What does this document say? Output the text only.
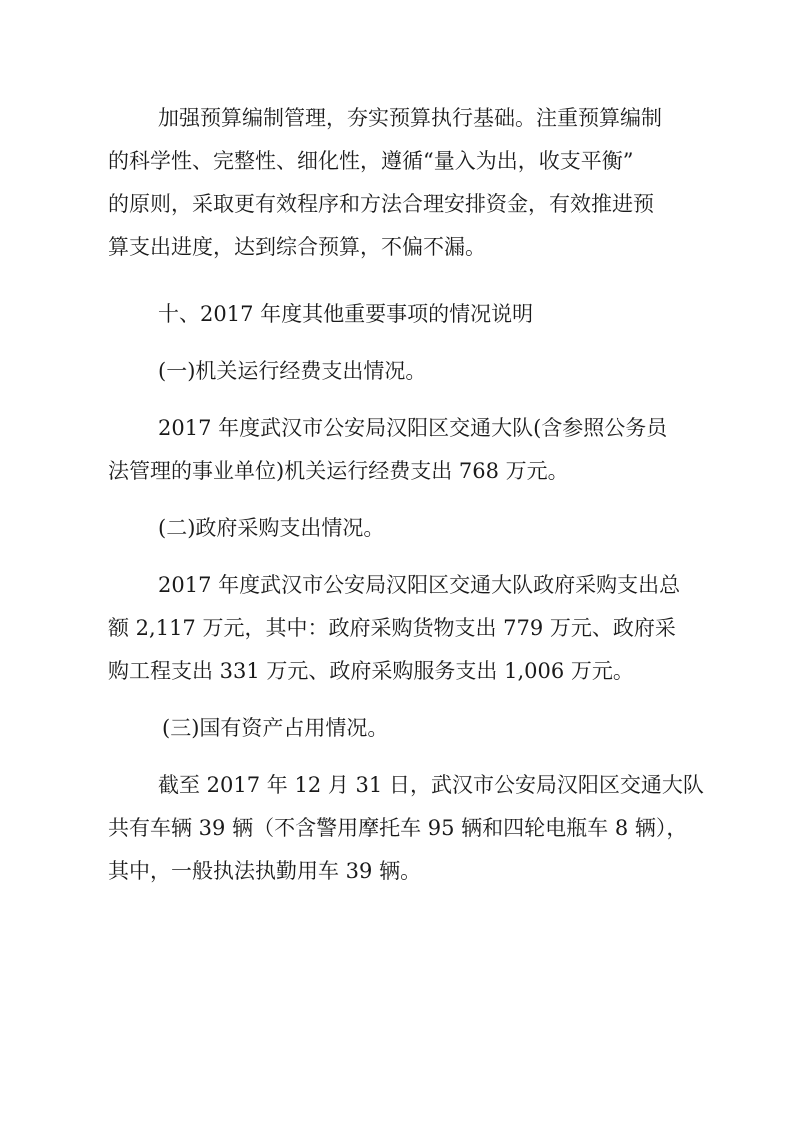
加强预算编制管理，夯实预算执行基础。注重预算编制
的科学性、完整性、细化性，遵循“量入为出，收支平衡”
的原则，采取更有效程序和方法合理安排资金，有效推进预
算支出进度，达到综合预算，不偏不漏。
十、2017 年度其他重要事项的情况说明
(一)机关运行经费支出情况。
2017 年度武汉市公安局汉阳区交通大队(含参照公务员
法管理的事业单位)机关运行经费支出 768 万元。
(二)政府采购支出情况。
2017 年度武汉市公安局汉阳区交通大队政府采购支出总
额 2,117 万元，其中：政府采购货物支出 779 万元、政府采
购工程支出 331 万元、政府采购服务支出 1,006 万元。
(三)国有资产占用情况。
截至 2017 年 12 月 31 日，武汉市公安局汉阳区交通大队
共有车辆 39 辆（不含警用摩托车 95 辆和四轮电瓶车 8 辆），
其中，一般执法执勤用车 39 辆。
